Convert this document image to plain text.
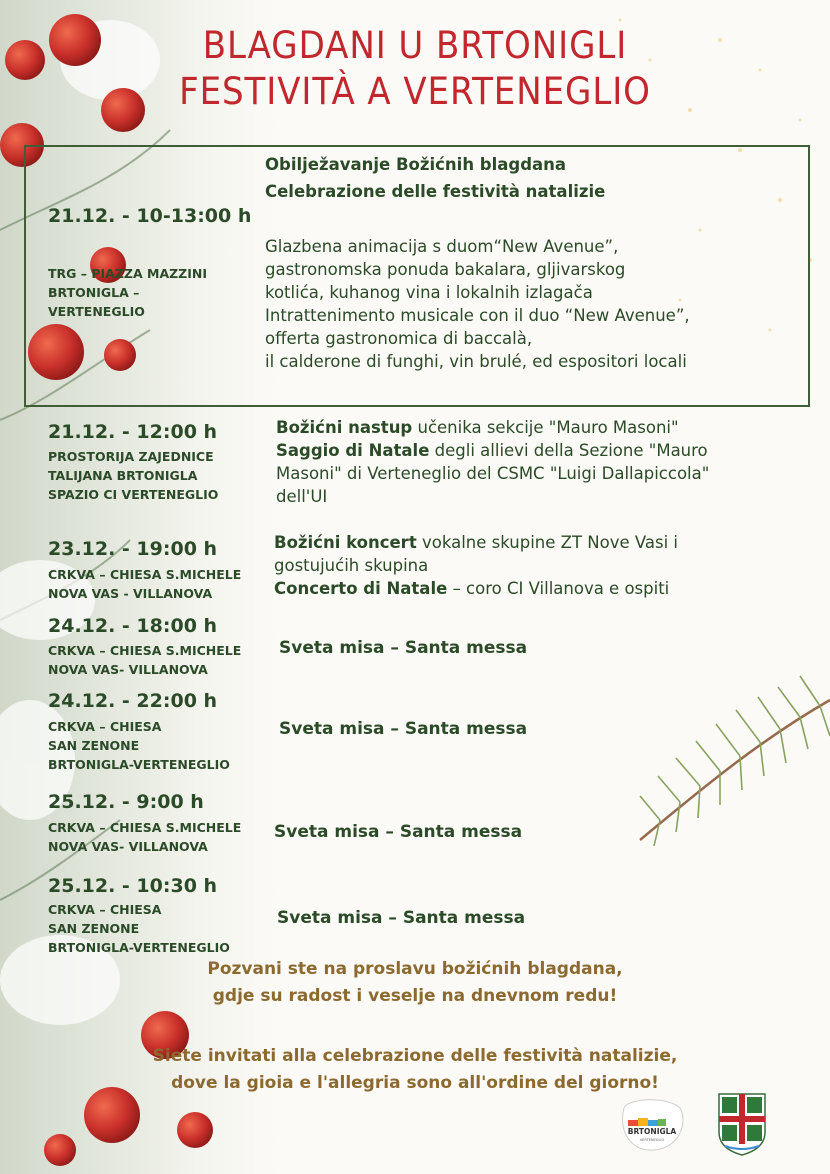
BLAGDANI U BRTONIGLI
FESTIVITÀ A VERTENEGLIO
Obilježavanje Božićnih blagdana
Celebrazione delle festività natalizie
21.12. - 10-13:00 h
TRG – PIAZZA MAZZINI
BRTONIGLA –
VERTENEGLIO
Glazbena animacija s duom“New Avenue”,
gastronomska ponuda bakalara, gljivarskog
kotlića, kuhanog vina i lokalnih izlagača
Intrattenimento musicale con il duo “New Avenue”,
offerta gastronomica di baccalà,
il calderone di funghi, vin brulé, ed espositori locali
21.12. - 12:00 h
PROSTORIJA ZAJEDNICE
TALIJANA BRTONIGLA
SPAZIO CI VERTENEGLIO
Božićni nastup učenika sekcije "Mauro Masoni"
Saggio di Natale degli allievi della Sezione "Mauro
Masoni" di Verteneglio del CSMC "Luigi Dallapiccola"
dell'UI
23.12. - 19:00 h
CRKVA – CHIESA S.MICHELE
NOVA VAS - VILLANOVA
Božićni koncert vokalne skupine ZT Nove Vasi i
gostujućih skupina
Concerto di Natale – coro CI Villanova e ospiti
24.12. - 18:00 h
CRKVA – CHIESA S.MICHELE
NOVA VAS- VILLANOVA
Sveta misa – Santa messa
24.12. - 22:00 h
CRKVA – CHIESA
SAN ZENONE
BRTONIGLA-VERTENEGLIO
Sveta misa – Santa messa
25.12. - 9:00 h
CRKVA – CHIESA S.MICHELE
NOVA VAS- VILLANOVA
Sveta misa – Santa messa
25.12. - 10:30 h
CRKVA – CHIESA
SAN ZENONE
BRTONIGLA-VERTENEGLIO
Sveta misa – Santa messa
Pozvani ste na proslavu božićnih blagdana,
gdje su radost i veselje na dnevnom redu!
Siete invitati alla celebrazione delle festività natalizie,
dove la gioia e l'allegria sono all'ordine del giorno!
BRTONIGLA
VERTENEGLIO
